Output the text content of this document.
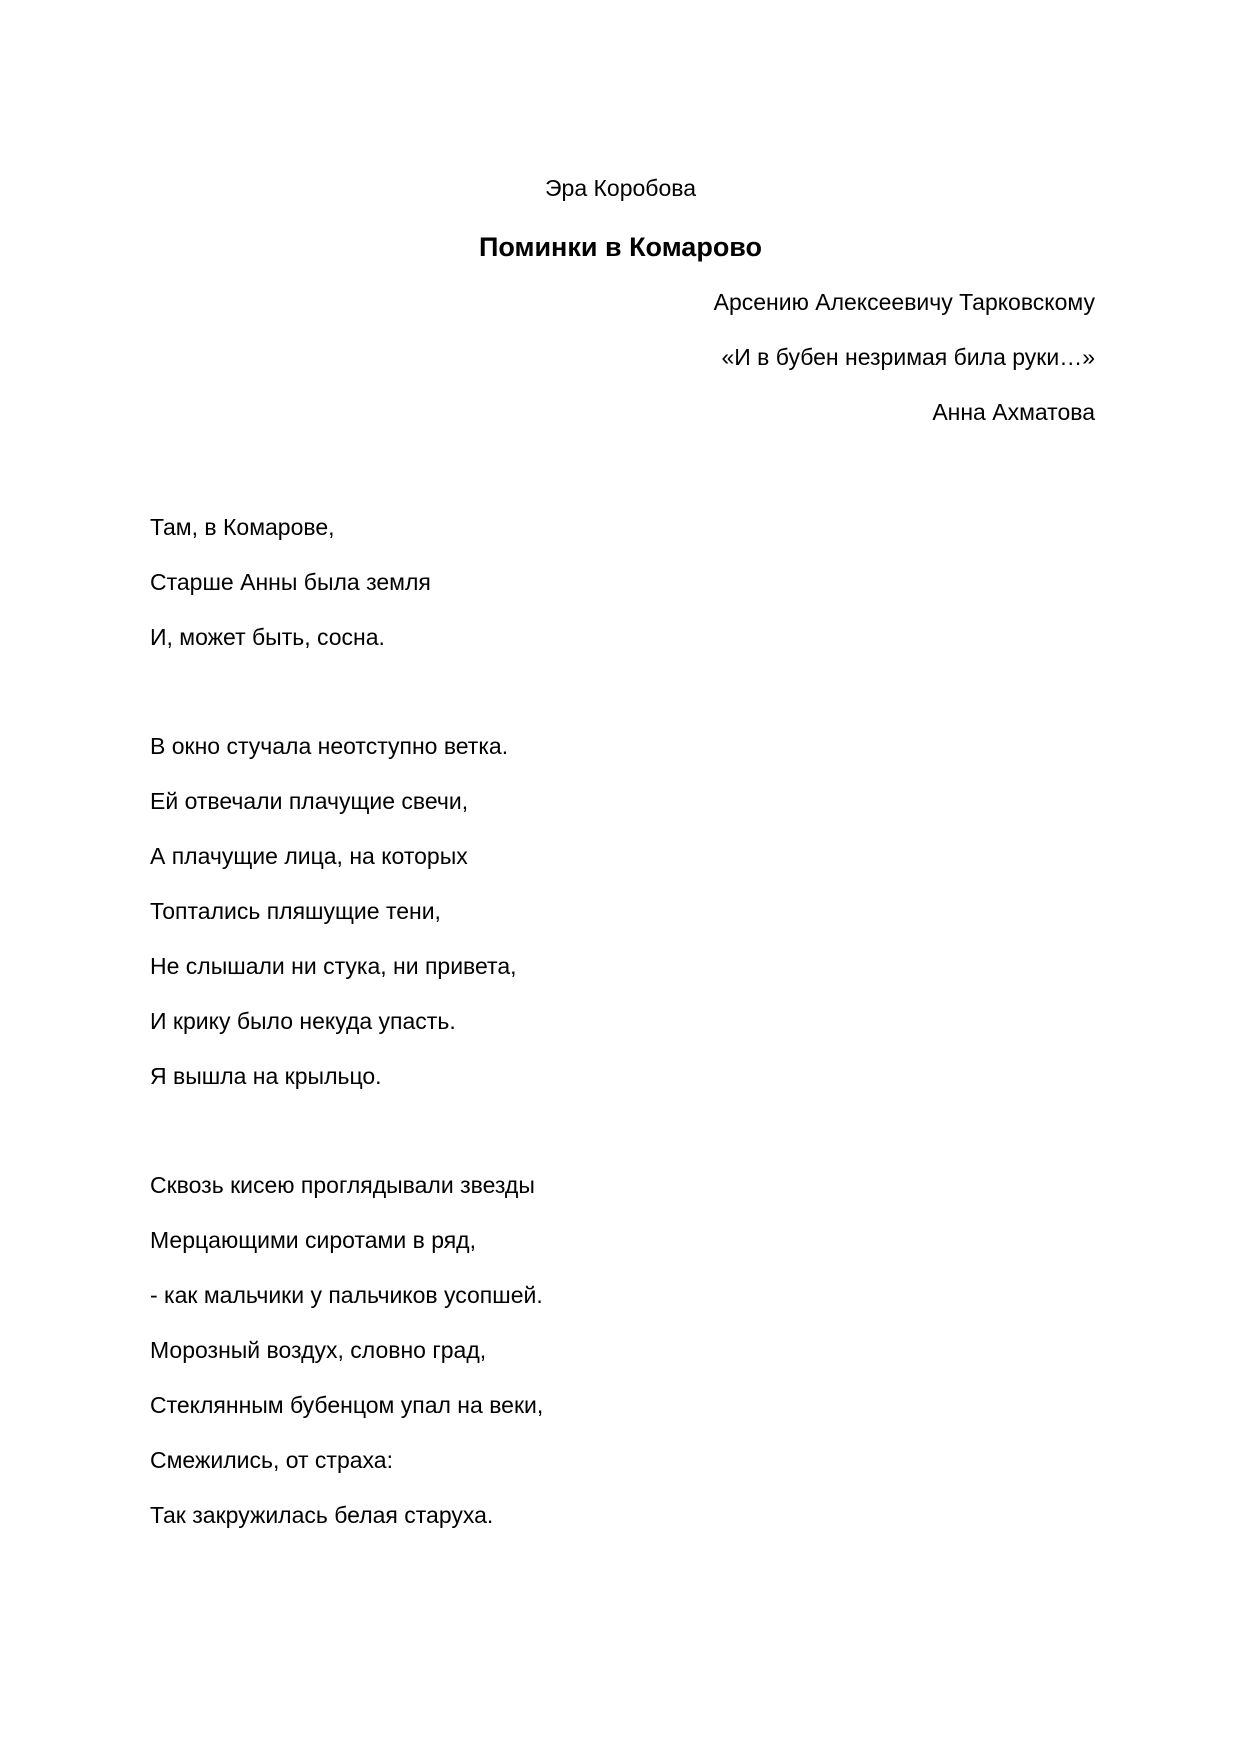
Эра Коробова

Поминки в Комарово
Арсению Алексеевичу Тарковскому
«И в бубен незримая била руки…»
Анна Ахматова
Там, в Комарове,
Старше Анны была земля
И, может быть, сосна.
В окно стучала неотступно ветка.
Ей отвечали плачущие свечи,
А плачущие лица, на которых
Топтались пляшущие тени,
Не слышали ни стука, ни привета,
И крику было некуда упасть.
Я вышла на крыльцо.
Сквозь кисею проглядывали звезды
Мерцающими сиротами в ряд,
- как мальчики у пальчиков усопшей.
Морозный воздух, словно град,
Стеклянным бубенцом упал на веки,
Смежились, от страха:
Так закружилась белая старуха.
